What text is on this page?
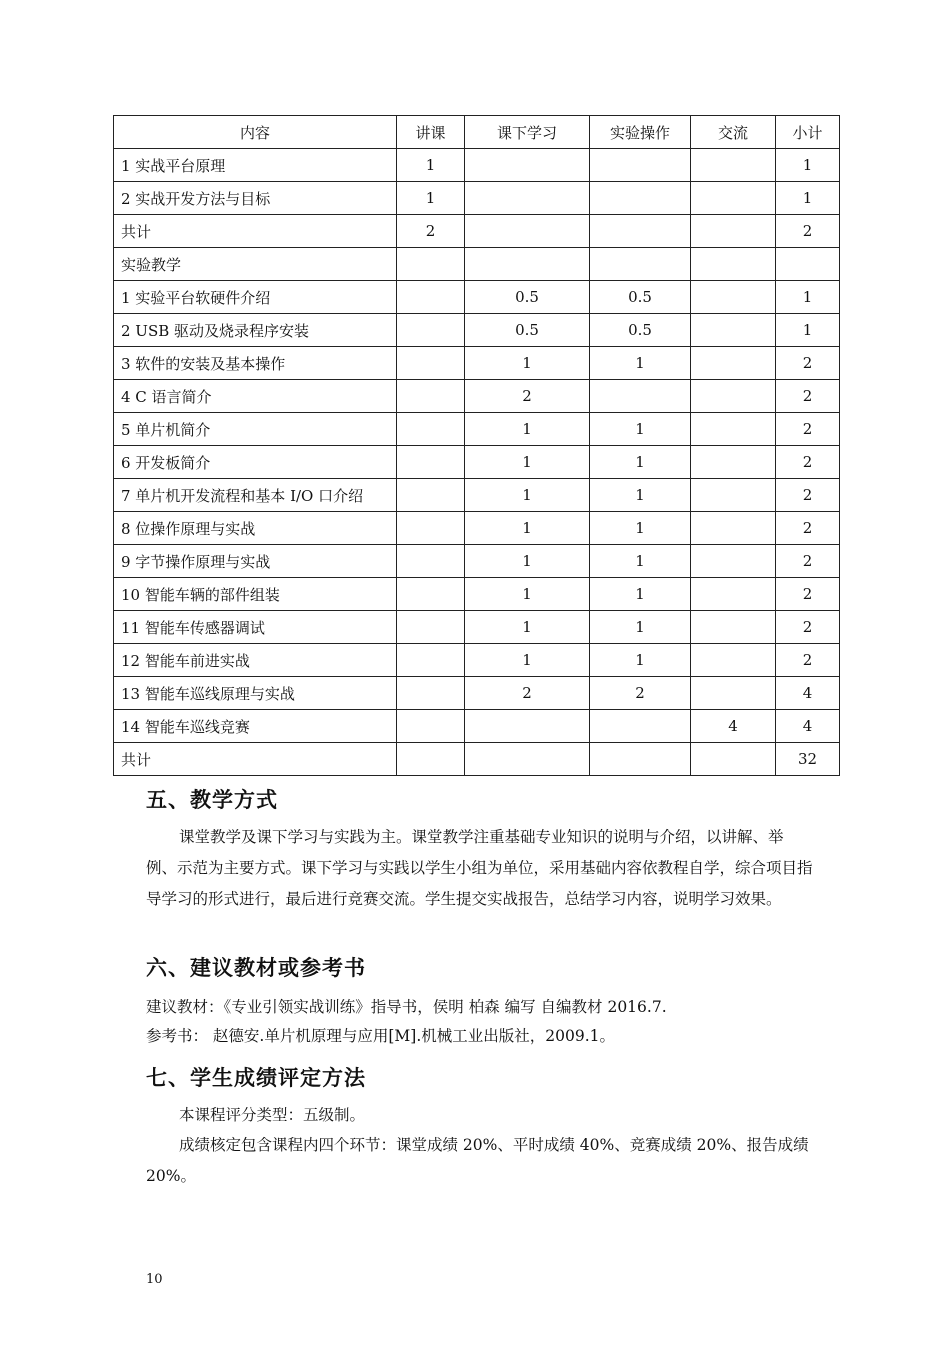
内容	讲课	课下学习	实验操作	交流	小计
1 实战平台原理	1				1
2 实战开发方法与目标	1				1
共计	2				2
实验教学					
1 实验平台软硬件介绍		0.5	0.5		1
2 USB 驱动及烧录程序安装		0.5	0.5		1
3 软件的安装及基本操作		1	1		2
4 C 语言简介		2			2
5 单片机简介		1	1		2
6 开发板简介		1	1		2
7 单片机开发流程和基本 I/O 口介绍		1	1		2
8 位操作原理与实战		1	1		2
9 字节操作原理与实战		1	1		2
10 智能车辆的部件组装		1	1		2
11 智能车传感器调试		1	1		2
12 智能车前进实战		1	1		2
13 智能车巡线原理与实战		2	2		4
14 智能车巡线竞赛				4	4
共计					32
五、教学方式

课堂教学及课下学习与实践为主。课堂教学注重基础专业知识的说明与介绍，以讲解、举例、示范为主要方式。课下学习与实践以学生小组为单位，采用基础内容依教程自学，综合项目指导学习的形式进行，最后进行竞赛交流。学生提交实战报告，总结学习内容，说明学习效果。

六、建议教材或参考书

建议教材：《专业引领实战训练》指导书，侯明 柏森 编写 自编教材 2016.7.

参考书： 赵德安.单片机原理与应用[M].机械工业出版社，2009.1。

七、学生成绩评定方法

本课程评分类型：五级制。

成绩核定包含课程内四个环节：课堂成绩 20%、平时成绩 40%、竞赛成绩 20%、报告成绩 20%。

10
